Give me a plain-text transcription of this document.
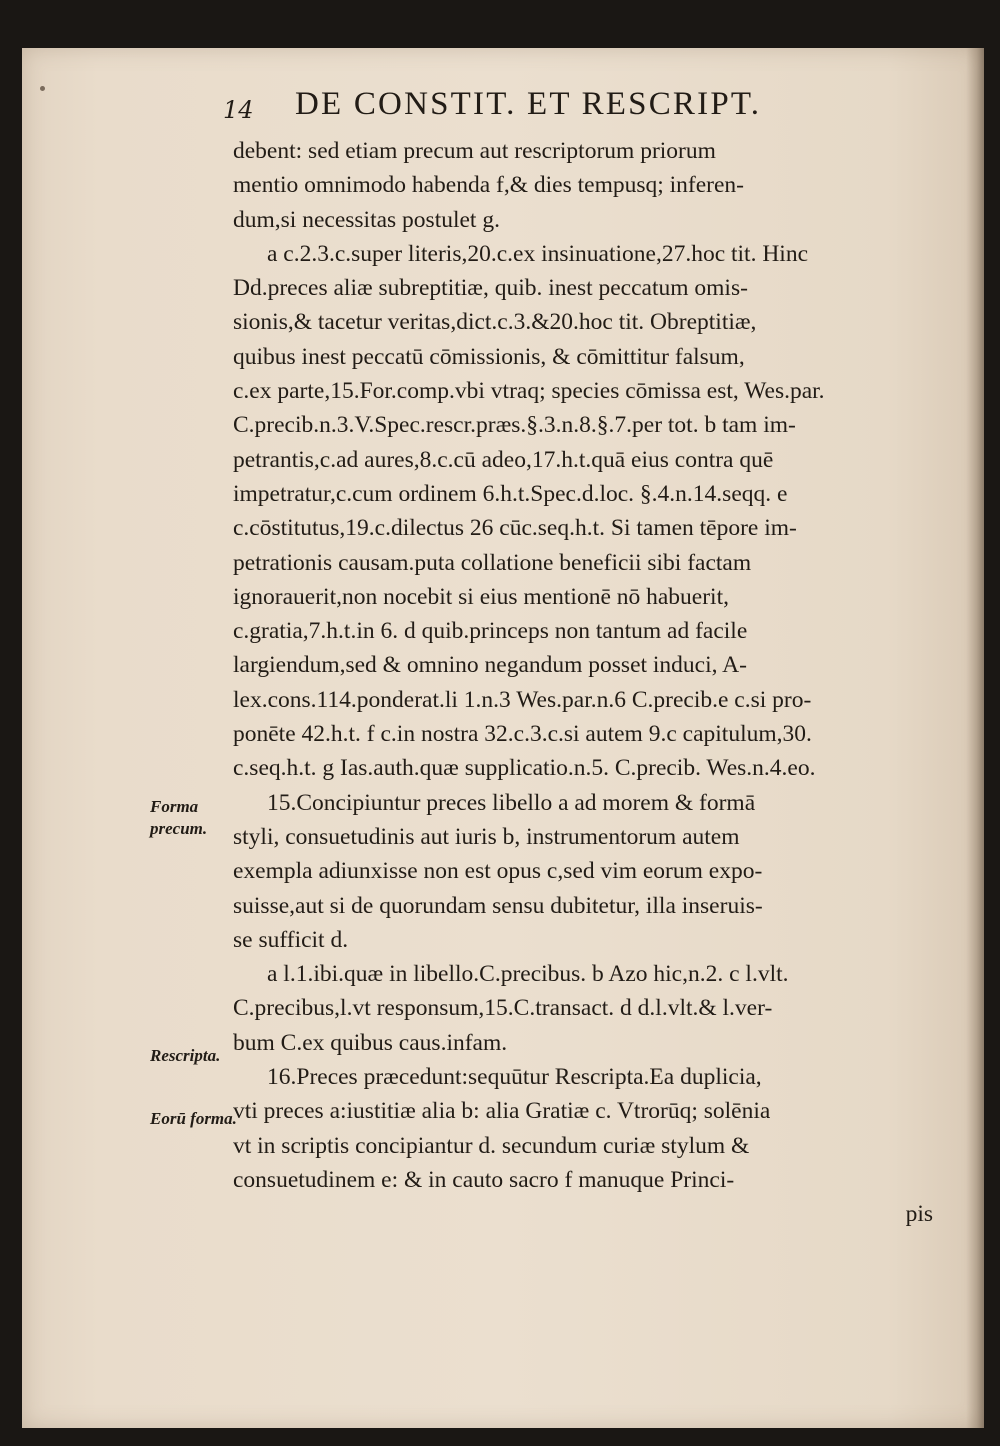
14 DE CONSTIT. ET RESCRIPT.
Forma precum.
Rescripta.
Eorū forma.
debent: sed etiam precum aut rescriptorum priorum
mentio omnimodo habenda f,& dies tempusq; inferen-
dum,si necessitas postulet g.
a c.2.3.c.super literis,20.c.ex insinuatione,27.hoc tit. Hinc
Dd.preces aliæ subreptitiæ, quib. inest peccatum omis-
sionis,& tacetur veritas,dict.c.3.&20.hoc tit. Obreptitiæ,
quibus inest peccatū cōmissionis, & cōmittitur falsum,
c.ex parte,15.For.comp.vbi vtraq; species cōmissa est, Wes.par.
C.precib.n.3.V.Spec.rescr.præs.§.3.n.8.§.7.per tot. b tam im-
petrantis,c.ad aures,8.c.cū adeo,17.h.t.quā eius contra quē
impetratur,c.cum ordinem 6.h.t.Spec.d.loc. §.4.n.14.seqq. e
c.cōstitutus,19.c.dilectus 26 cūc.seq.h.t. Si tamen tēpore im-
petrationis causam.puta collatione beneficii sibi factam
ignorauerit,non nocebit si eius mentionē nō habuerit,
c.gratia,7.h.t.in 6. d quib.princeps non tantum ad facile
largiendum,sed & omnino negandum posset induci, A-
lex.cons.114.ponderat.li 1.n.3 Wes.par.n.6 C.precib.e c.si pro-
ponēte 42.h.t. f c.in nostra 32.c.3.c.si autem 9.c capitulum,30.
c.seq.h.t. g Ias.auth.quæ supplicatio.n.5. C.precib. Wes.n.4.eo.
15.Concipiuntur preces libello a ad morem & formā
styli, consuetudinis aut iuris b, instrumentorum autem
exempla adiunxisse non est opus c,sed vim eorum expo-
suisse,aut si de quorundam sensu dubitetur, illa inseruis-
se sufficit d.
a l.1.ibi.quæ in libello.C.precibus. b Azo hic,n.2. c l.vlt.
C.precibus,l.vt responsum,15.C.transact. d d.l.vlt.& l.ver-
bum C.ex quibus caus.infam.
16.Preces præcedunt:sequūtur Rescripta.Ea duplicia,
vti preces a:iustitiæ alia b: alia Gratiæ c. Vtrorūq; solēnia
vt in scriptis concipiantur d. secundum curiæ stylum &
consuetudinem e: & in cauto sacro f manuque Princi-
pis
